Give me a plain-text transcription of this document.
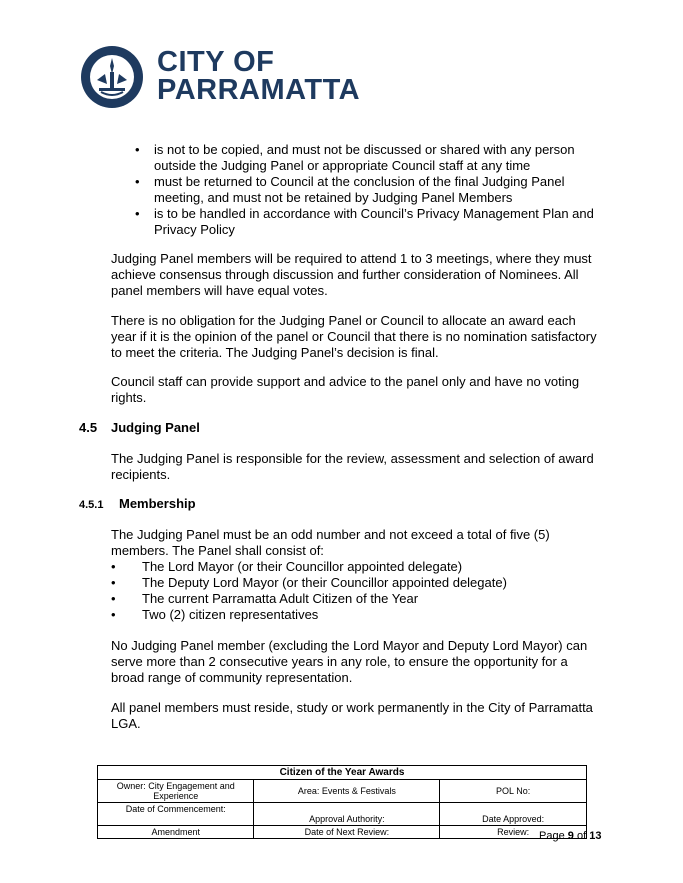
CITY OF
PARRAMATTA

• is not to be copied, and must not be discussed or shared with any person outside the Judging Panel or appropriate Council staff at any time

• must be returned to Council at the conclusion of the final Judging Panel meeting, and must not be retained by Judging Panel Members

• is to be handled in accordance with Council’s Privacy Management Plan and Privacy Policy

Judging Panel members will be required to attend 1 to 3 meetings, where they must achieve consensus through discussion and further consideration of Nominees. All panel members will have equal votes.

There is no obligation for the Judging Panel or Council to allocate an award each year if it is the opinion of the panel or Council that there is no nomination satisfactory to meet the criteria. The Judging Panel’s decision is final.

Council staff can provide support and advice to the panel only and have no voting rights.

4.5 Judging Panel

The Judging Panel is responsible for the review, assessment and selection of award recipients.

4.5.1 Membership

The Judging Panel must be an odd number and not exceed a total of five (5) members. The Panel shall consist of:

• The Lord Mayor (or their Councillor appointed delegate)

• The Deputy Lord Mayor (or their Councillor appointed delegate)

• The current Parramatta Adult Citizen of the Year

• Two (2) citizen representatives

No Judging Panel member (excluding the Lord Mayor and Deputy Lord Mayor) can serve more than 2 consecutive years in any role, to ensure the opportunity for a broad range of community representation.

All panel members must reside, study or work permanently in the City of Parramatta LGA.

Citizen of the Year Awards		
Owner: City Engagement and Experience	Area: Events & Festivals	POL No:
Date of Commencement:	Approval Authority:	Date Approved:
Amendment	Date of Next Review:	Review: Page 9 of 13
